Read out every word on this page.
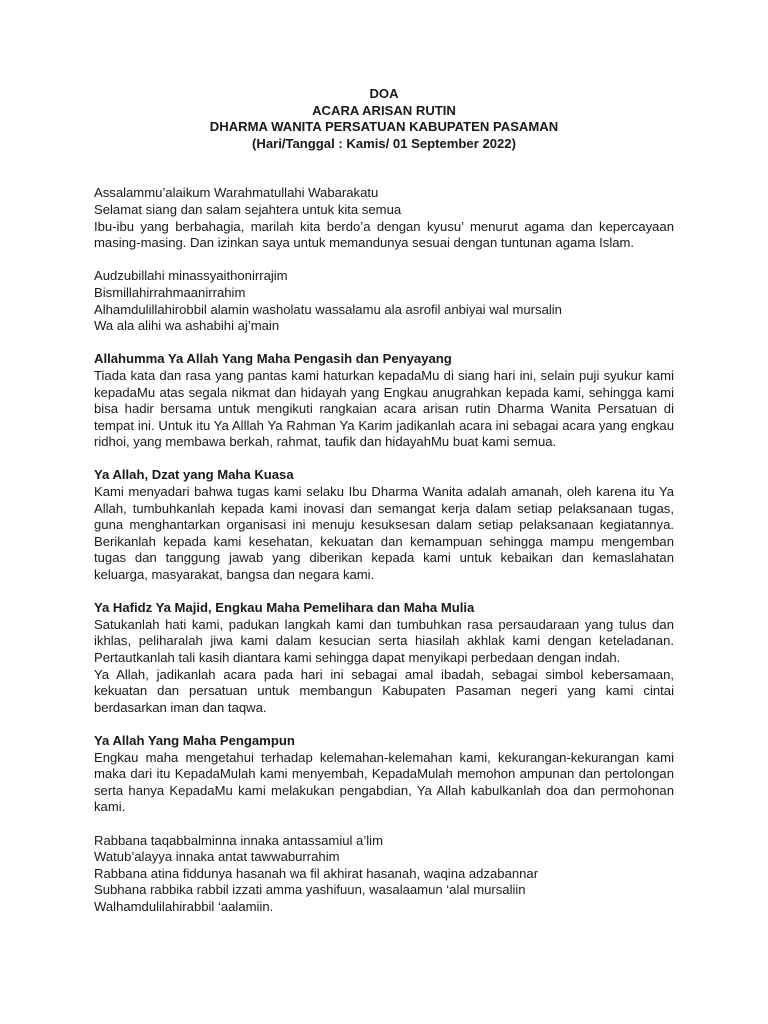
DOA
ACARA ARISAN RUTIN
DHARMA WANITA PERSATUAN KABUPATEN PASAMAN
(Hari/Tanggal : Kamis/ 01 September 2022)
Assalammu’alaikum Warahmatullahi Wabarakatu
Selamat siang dan salam sejahtera untuk kita semua

Ibu-ibu yang berbahagia, marilah kita berdo’a dengan kyusu’ menurut agama dan kepercayaan masing-masing. Dan izinkan saya untuk memandunya sesuai dengan tuntunan agama Islam.

Audzubillahi minassyaithonirrajim
Bismillahirrahmaanirrahim
Alhamdulillahirobbil alamin washolatu wassalamu ala asrofil anbiyai wal mursalin
Wa ala alihi wa ashabihi aj’main
Allahumma Ya Allah Yang Maha Pengasih dan Penyayang

Tiada kata dan rasa yang pantas kami haturkan kepadaMu di siang hari ini, selain puji syukur kami kepadaMu atas segala nikmat dan hidayah yang Engkau anugrahkan kepada kami, sehingga kami bisa hadir bersama untuk mengikuti rangkaian acara arisan rutin Dharma Wanita Persatuan di tempat ini. Untuk itu Ya Alllah Ya Rahman Ya Karim jadikanlah acara ini sebagai acara yang engkau ridhoi, yang membawa berkah, rahmat, taufik dan hidayahMu buat kami semua.

Ya Allah, Dzat yang Maha Kuasa

Kami menyadari bahwa tugas kami selaku Ibu Dharma Wanita adalah amanah, oleh karena itu Ya Allah, tumbuhkanlah kepada kami inovasi dan semangat kerja dalam setiap pelaksanaan tugas, guna menghantarkan organisasi ini menuju kesuksesan dalam setiap pelaksanaan kegiatannya. Berikanlah kepada kami kesehatan, kekuatan dan kemampuan sehingga mampu mengemban tugas dan tanggung jawab yang diberikan kepada kami untuk kebaikan dan kemaslahatan keluarga, masyarakat, bangsa dan negara kami.

Ya Hafidz Ya Majid, Engkau Maha Pemelihara dan Maha Mulia

Satukanlah hati kami, padukan langkah kami dan tumbuhkan rasa persaudaraan yang tulus dan ikhlas, peliharalah jiwa kami dalam kesucian serta hiasilah akhlak kami dengan keteladanan. Pertautkanlah tali kasih diantara kami sehingga dapat menyikapi perbedaan dengan indah.

Ya Allah, jadikanlah acara pada hari ini sebagai amal ibadah, sebagai simbol kebersamaan, kekuatan dan persatuan untuk membangun Kabupaten Pasaman negeri yang kami cintai berdasarkan iman dan taqwa.

Ya Allah Yang Maha Pengampun

Engkau maha mengetahui terhadap kelemahan-kelemahan kami, kekurangan-kekurangan kami maka dari itu KepadaMulah kami menyembah, KepadaMulah memohon ampunan dan pertolongan serta hanya KepadaMu kami melakukan pengabdian, Ya Allah kabulkanlah doa dan permohonan kami.

Rabbana taqabbalminna innaka antassamiul a’lim
Watub’alayya innaka antat tawwaburrahim
Rabbana atina fiddunya hasanah wa fil akhirat hasanah, waqina adzabannar
Subhana rabbika rabbil izzati amma yashifuun, wasalaamun ‘alal mursaliin
Walhamdulilahirabbil ‘aalamiin.
